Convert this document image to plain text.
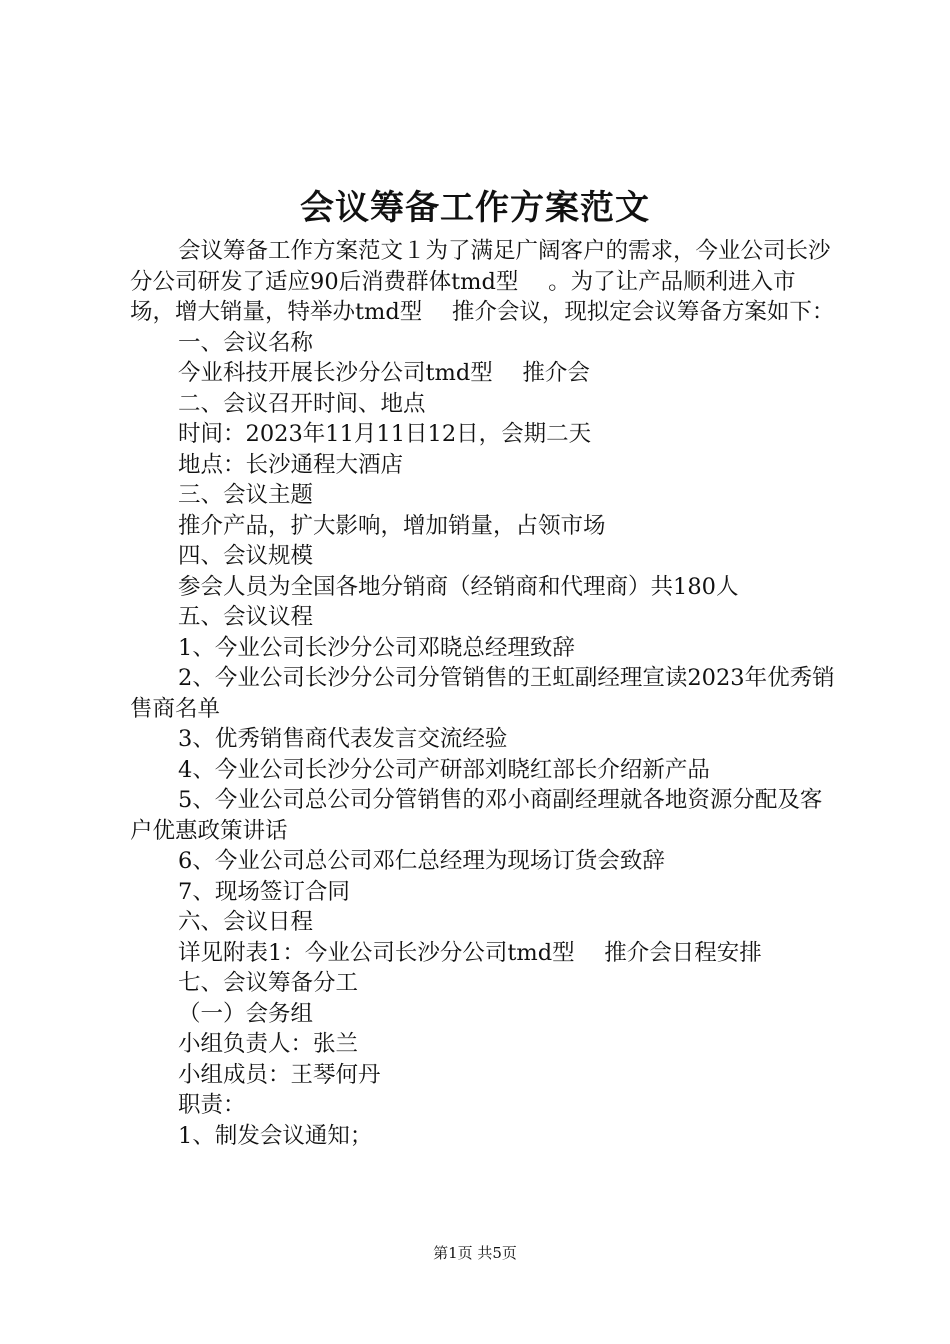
会议筹备工作方案范文

会议筹备工作方案范文１为了满足广阔客户的需求，今业公司长沙分公司研发了适应90后消费群体tmd型 　。为了让产品顺利进入市场，增大销量，特举办tmd型 　推介会议，现拟定会议筹备方案如下：

一、会议名称

今业科技开展长沙分公司tmd型 　推介会

二、会议召开时间、地点

时间：2023年11月11日12日，会期二天

地点：长沙通程大酒店

三、会议主题

推介产品，扩大影响，增加销量，占领市场

四、会议规模

参会人员为全国各地分销商（经销商和代理商）共180人

五、会议议程

1、今业公司长沙分公司邓晓总经理致辞

2、今业公司长沙分公司分管销售的王虹副经理宣读2023年优秀销售商名单

3、优秀销售商代表发言交流经验

4、今业公司长沙分公司产研部刘晓红部长介绍新产品

5、今业公司总公司分管销售的邓小商副经理就各地资源分配及客户优惠政策讲话

6、今业公司总公司邓仁总经理为现场订货会致辞

7、现场签订合同

六、会议日程

详见附表1：今业公司长沙分公司tmd型 　推介会日程安排

七、会议筹备分工

（一）会务组

小组负责人：张兰

小组成员：王琴何丹

职责：

1、制发会议通知；

第1页 共5页
